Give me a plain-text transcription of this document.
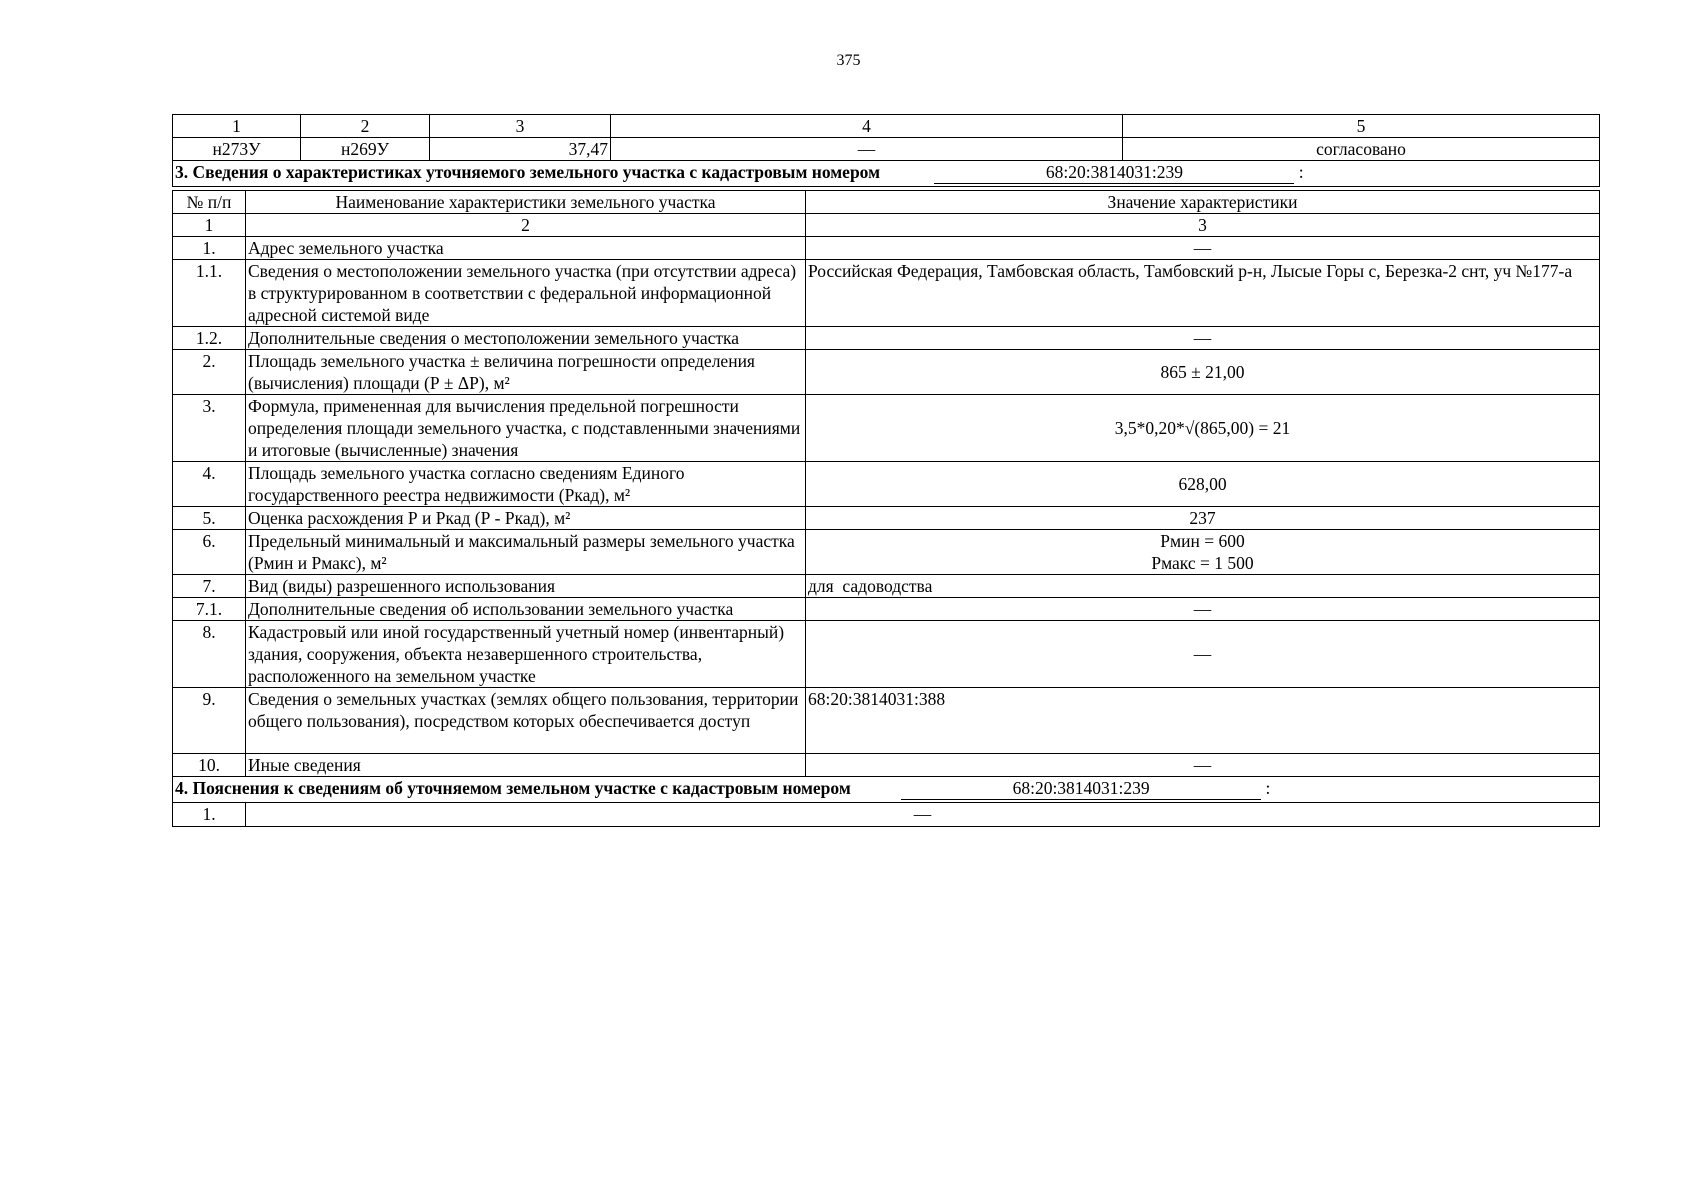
375
1	2	3	4	5
н273У	н269У	37,47	—	согласовано
3. Сведения о характеристиках уточняемого земельного участка с кадастровым номером 68:20:3814031:239 :				
№ п/п	Наименование характеристики земельного участка	Значение характеристики
1	2	3
1.	Адрес земельного участка	—
1.1.	Сведения о местоположении земельного участка (при отсутствии адреса) в структурированном в соответствии с федеральной информационной адресной системой виде	Российская Федерация, Тамбовская область, Тамбовский р-н, Лысые Горы с, Березка-2 снт, уч №177-а
1.2.	Дополнительные сведения о местоположении земельного участка	—
2.	Площадь земельного участка ± величина погрешности определения (вычисления) площади (Р ± ΔР), м²	865 ± 21,00
3.	Формула, примененная для вычисления предельной погрешности определения площади земельного участка, с подставленными значениями и итоговые (вычисленные) значения	3,5*0,20*√(865,00) = 21
4.	Площадь земельного участка согласно сведениям Единого государственного реестра недвижимости (Ркад), м²	628,00
5.	Оценка расхождения Р и Ркад (Р - Ркад), м²	237
6.	Предельный минимальный и максимальный размеры земельного участка (Рмин и Рмакс), м²	Рмин = 600
Рмакс = 1 500

7.	Вид (виды) разрешенного использования	для  садоводства
7.1.	Дополнительные сведения об использовании земельного участка	—
8.	Кадастровый или иной государственный учетный номер (инвентарный) здания, сооружения, объекта незавершенного строительства, расположенного на земельном участке	—
9.	Сведения о земельных участках (землях общего пользования, территории общего пользования), посредством которых обеспечивается доступ	68:20:3814031:388
10.	Иные сведения	—
4. Пояснения к сведениям об уточняемом земельном участке с кадастровым номером 68:20:3814031:239 :		
1.	—	
